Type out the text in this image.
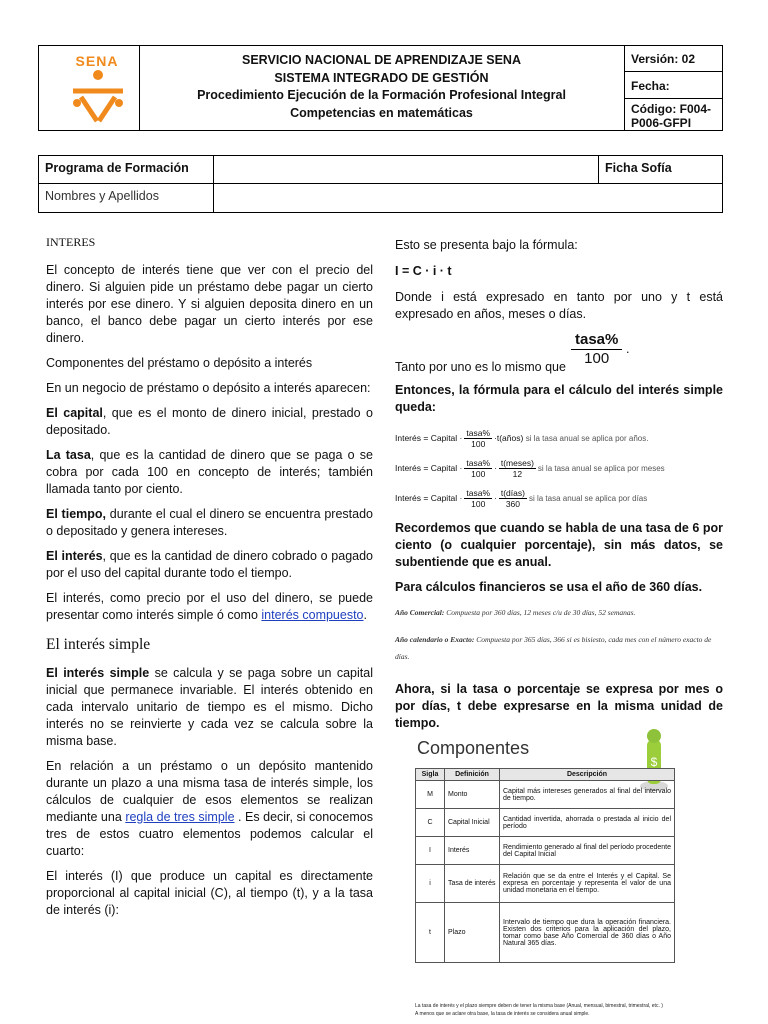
SENA	SERVICIO NACIONAL DE APRENDIZAJE SENA
SISTEMA INTEGRADO DE GESTIÓN
Procedimiento Ejecución de la Formación Profesional Integral
Competencias en matemáticas
Versión: 02
Fecha:
Código: F004-
P006-GFPI
Programa de Formación	Ficha Sofía
Nombres y Apellidos

INTERES

El concepto de interés tiene que ver con el precio del dinero. Si alguien pide un préstamo debe pagar un cierto interés por ese dinero. Y si alguien deposita dinero en un banco, el banco debe pagar un cierto interés por ese dinero.

Componentes del préstamo o depósito a interés

En un negocio de préstamo o depósito a interés aparecen:

El capital, que es el monto de dinero inicial, prestado o depositado.

La tasa, que es la cantidad de dinero que se paga o se cobra por cada 100 en concepto de interés; también llamada tanto por ciento.

El tiempo, durante el cual el dinero se encuentra prestado o depositado y genera intereses.

El interés, que es la cantidad de dinero cobrado o pagado por el uso del capital durante todo el tiempo.

El interés, como precio por el uso del dinero, se puede presentar como interés simple ó como interés compuesto.

El interés simple

El interés simple se calcula y se paga sobre un capital inicial que permanece invariable. El interés obtenido en cada intervalo unitario de tiempo es el mismo. Dicho interés no se reinvierte y cada vez se calcula sobre la misma base.

En relación a un préstamo o un depósito mantenido durante un plazo a una misma tasa de interés simple, los cálculos de cualquier de esos elementos se realizan mediante una regla de tres simple . Es decir, si conocemos tres de estos cuatro elementos podemos calcular el cuarto:

El interés (I) que produce un capital es directamente proporcional al capital inicial (C), al tiempo (t), y a la tasa de interés (i):

Esto se presenta bajo la fórmula:

I = C · i · t

Donde i está expresado en tanto por uno y t está expresado en años, meses o días.

Tanto por uno es lo mismo que
tasa%
100
.

Entonces, la fórmula para el cálculo del interés simple queda:

Interés
=
Capital · $\frac{\text{tasa\%}}{100}$ · t(años)
si la tasa anual se aplica por años.
Interés
=
Capital · $\frac{\text{tasa\%}}{100} \cdot \frac{\text{t(meses)}}{12}$ si la tasa anual se aplica por meses
Interés
=
Capital · $\frac{\text{tasa\%}}{100} \cdot \frac{\text{t(días)}}{360}$ si la tasa anual se aplica por días

Recordemos que cuando se habla de una tasa de 6 por ciento (o cualquier porcentaje), sin más datos, se subentiende que es anual.

Para cálculos financieros se usa el año de 360 días.

Año Comercial: Compuesta por 360 días, 12 meses c/u de 30 días, 52 semanas.
Año calendario o Exacto: Compuesta por 365 días, 366 si es bisiesto, cada mes con el número exacto de días.

Ahora, si la tasa o porcentaje se expresa por mes o por días, t debe expresarse en la misma unidad de tiempo.

Componentes
$
Sigla	Definición	Descripción
M	Monto	Capital más intereses generados al final del intervalo de tiempo.
C	Capital Inicial	Cantidad invertida, ahorrada o prestada al inicio del período
I	Interés	Rendimiento generado al final del período procedente del Capital Inicial
i	Tasa de interés	Relación que se da entre el Interés y el Capital. Se expresa en porcentaje y representa el valor de una unidad monetaria en el tiempo.
t	Plazo	Intervalo de tiempo que dura la operación financiera. Existen dos criterios para la aplicación del plazo, tomar como base Año Comercial de 360 días o Año Natural 365 días.
La tasa de interés y el plazo siempre deben de tener la misma base (Anual, mensual, bimestral, trimestral, etc. )
A menos que se aclare otra base, la tasa de interés se considera anual simple.
